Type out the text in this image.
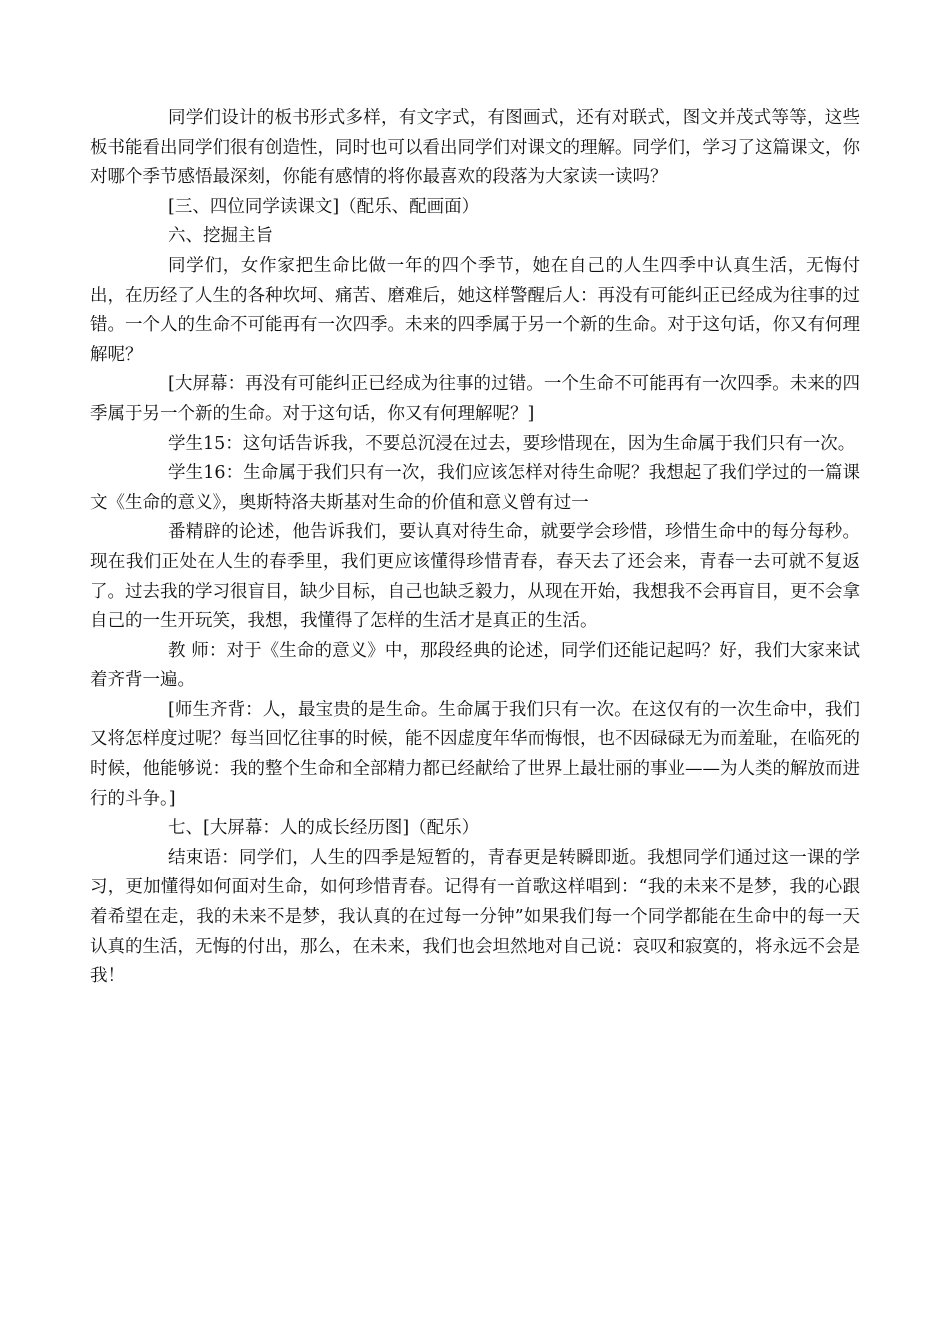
同学们设计的板书形式多样，有文字式，有图画式，还有对联式，图文并茂式等等，这些板书能看出同学们很有创造性，同时也可以看出同学们对课文的理解。同学们，学习了这篇课文，你对哪个季节感悟最深刻，你能有感情的将你最喜欢的段落为大家读一读吗？

[三、四位同学读课文]（配乐、配画面）

六、挖掘主旨

同学们，女作家把生命比做一年的四个季节，她在自己的人生四季中认真生活，无悔付出，在历经了人生的各种坎坷、痛苦、磨难后，她这样警醒后人：再没有可能纠正已经成为往事的过错。一个人的生命不可能再有一次四季。未来的四季属于另一个新的生命。对于这句话，你又有何理解呢？

[大屏幕：再没有可能纠正已经成为往事的过错。一个生命不可能再有一次四季。未来的四季属于另一个新的生命。对于这句话，你又有何理解呢？]

学生15：这句话告诉我，不要总沉浸在过去，要珍惜现在，因为生命属于我们只有一次。

学生16：生命属于我们只有一次，我们应该怎样对待生命呢？我想起了我们学过的一篇课文《生命的意义》，奥斯特洛夫斯基对生命的价值和意义曾有过一

番精辟的论述，他告诉我们，要认真对待生命，就要学会珍惜，珍惜生命中的每分每秒。现在我们正处在人生的春季里，我们更应该懂得珍惜青春，春天去了还会来，青春一去可就不复返了。过去我的学习很盲目，缺少目标，自己也缺乏毅力，从现在开始，我想我不会再盲目，更不会拿自己的一生开玩笑，我想，我懂得了怎样的生活才是真正的生活。

教 师：对于《生命的意义》中，那段经典的论述，同学们还能记起吗？好，我们大家来试着齐背一遍。

[师生齐背：人，最宝贵的是生命。生命属于我们只有一次。在这仅有的一次生命中，我们又将怎样度过呢？每当回忆往事的时候，能不因虚度年华而悔恨，也不因碌碌无为而羞耻，在临死的时候，他能够说：我的整个生命和全部精力都已经献给了世界上最壮丽的事业——为人类的解放而进行的斗争。]

七、[大屏幕：人的成长经历图]（配乐）

结束语：同学们，人生的四季是短暂的，青春更是转瞬即逝。我想同学们通过这一课的学习，更加懂得如何面对生命，如何珍惜青春。记得有一首歌这样唱到：“我的未来不是梦，我的心跟着希望在走，我的未来不是梦，我认真的在过每一分钟”如果我们每一个同学都能在生命中的每一天认真的生活，无悔的付出，那么，在未来，我们也会坦然地对自己说：哀叹和寂寞的，将永远不会是我！
